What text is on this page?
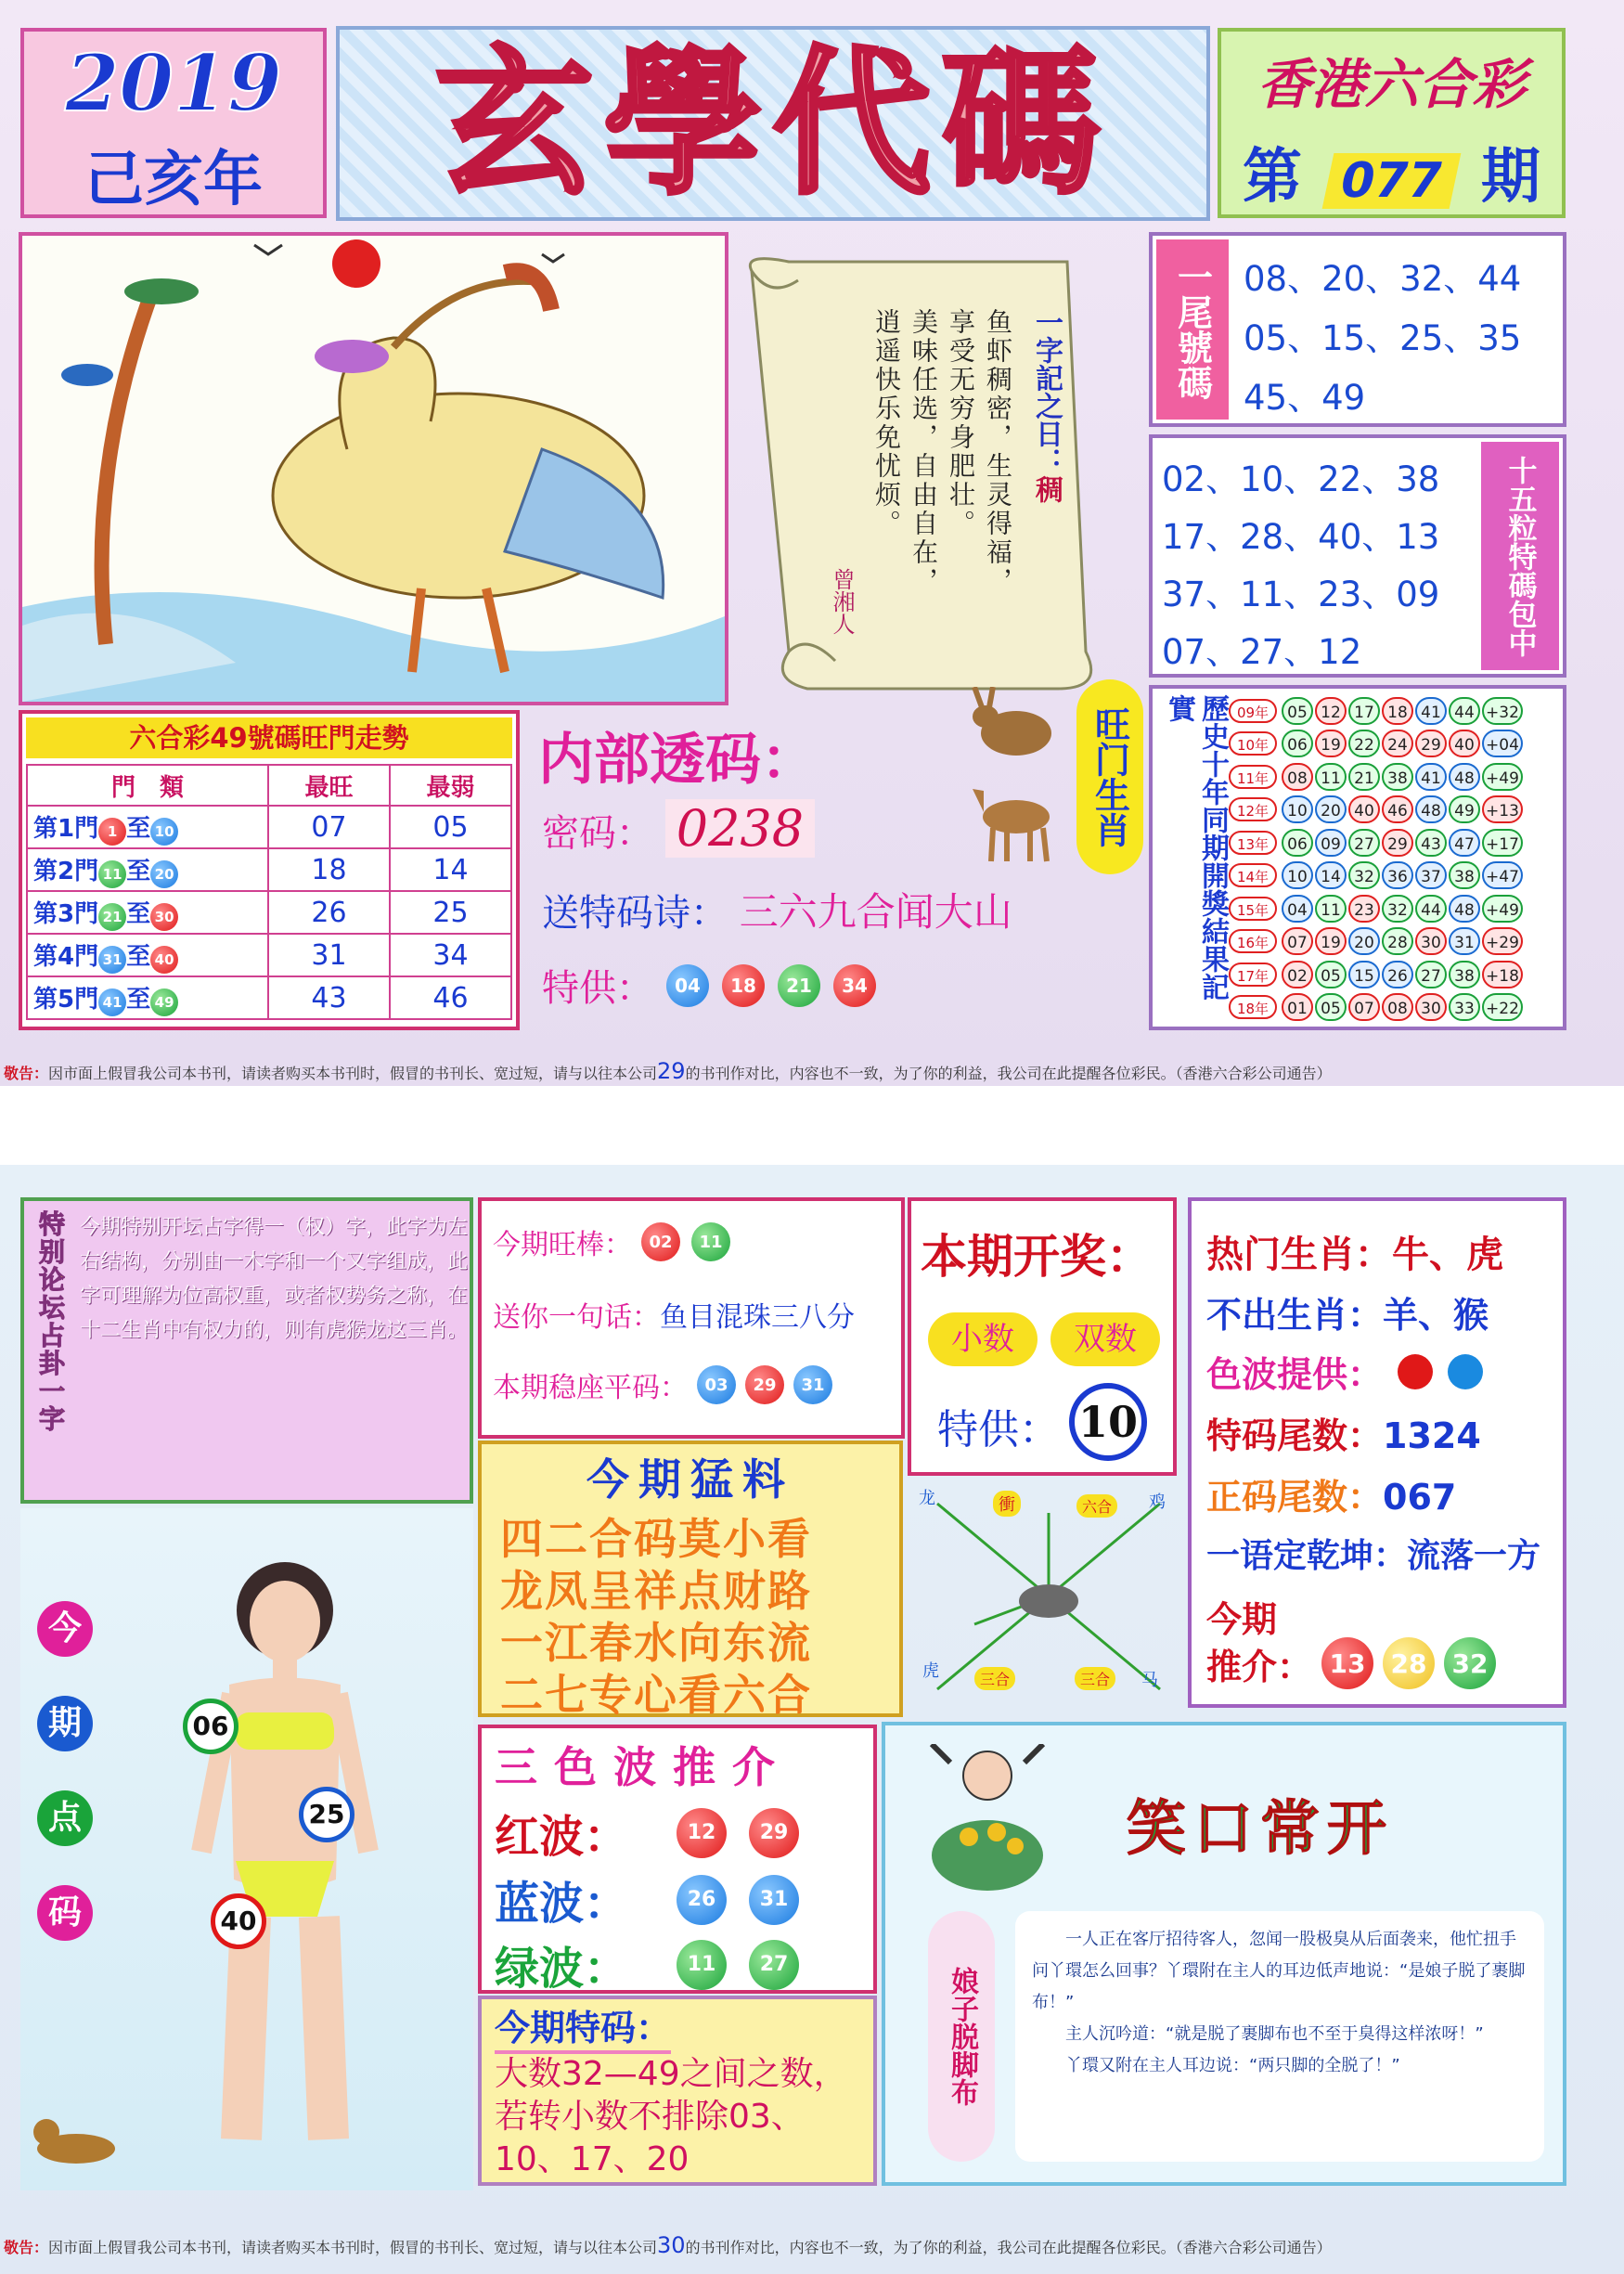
2019
己亥年	玄學代碼	香港六合彩
第 077 期
一字記之日：稠
鱼虾稠密，生灵得福，
享受无穷身肥壮。
美味任选，自由自在，
逍遥快乐免忧烦。
曾湘人
一尾號碼 08、20、32、44
05、15、25、35
45、49
02、10、22、38
17、28、40、13
37、11、23、09
07、27、12	十五粒特碼包中
六合彩49號碼旺門走勢
門　類	最旺	最弱
第1門 1 至 10	07	05
第2門 11 至 20	18	14
第3門 21 至 30	26	25
第4門 31 至 40	31	34
第5門 41 至 49	43	46
内部透码：
密码： 0238
送特码诗： 三六九合闻大山
特供：	04	18	21	34
旺门生肖	歷史十年同期開獎結果記實	09年	05 12 17 18 41 44 +32
10年	06 19 22 24 29 40 +04
11年	08 11 21 38 41 48 +49
12年	10 20 40 46 48 49 +13
13年	06 09 27 29 43 47 +17
14年	10 14 32 36 37 38 +47
15年	04 11 23 32 44 48 +49
16年	07 19 20 28 30 31 +29
17年	02 05 15 26 27 38 +18
18年	01 05 07 08 30 33 +22
敬告：因市面上假冒我公司本书刊，请读者购买本书刊时，假冒的书刊长、宽过短，请与以往本公司29的书刊作对比，内容也不一致，为了你的利益，我公司在此提醒各位彩民。（香港六合彩公司通告）
特别论坛占卦一字 今期特别开坛占字得一（权）字，此字为左右结构，分别由一木字和一个又字组成，此字可理解为位高权重，或者权势务之称，在十二生肖中有权力的，则有虎猴龙这三肖。
今
期
点
码
06
25
40
今期旺棒：	02	11
送你一句话：鱼目混珠三八分
本期稳座平码：	03	29	31
本期开奖：
小数	双数
特供： 10
热门生肖：牛、虎
不出生肖：羊、猴
色波提供：
特码尾数：1324
正码尾数：067
一语定乾坤：流落一方
今期
推介： 13 28 32
今期猛料
四二合码莫小看
龙凤呈祥点财路
一江春水向东流
二七专心看六合
龙	衝	六合	鸡
虎	三合	三合	马
三色波推介
红波：	12	29
蓝波：	26	31
绿波：	11	27
今期特码：
大数32—49之间之数，若转小数不排除03、10、17、20
笑口常开
娘子脱脚布

一人正在客厅招待客人，忽闻一股极臭从后面袭来，他忙扭手问丫環怎么回事？丫環附在主人的耳边低声地说：“是娘子脱了裹脚布！”

主人沉吟道：“就是脱了裹脚布也不至于臭得这样浓呀！”

丫環又附在主人耳边说：“两只脚的全脱了！”

敬告：因市面上假冒我公司本书刊，请读者购买本书刊时，假冒的书刊长、宽过短，请与以往本公司30的书刊作对比，内容也不一致，为了你的利益，我公司在此提醒各位彩民。（香港六合彩公司通告）
